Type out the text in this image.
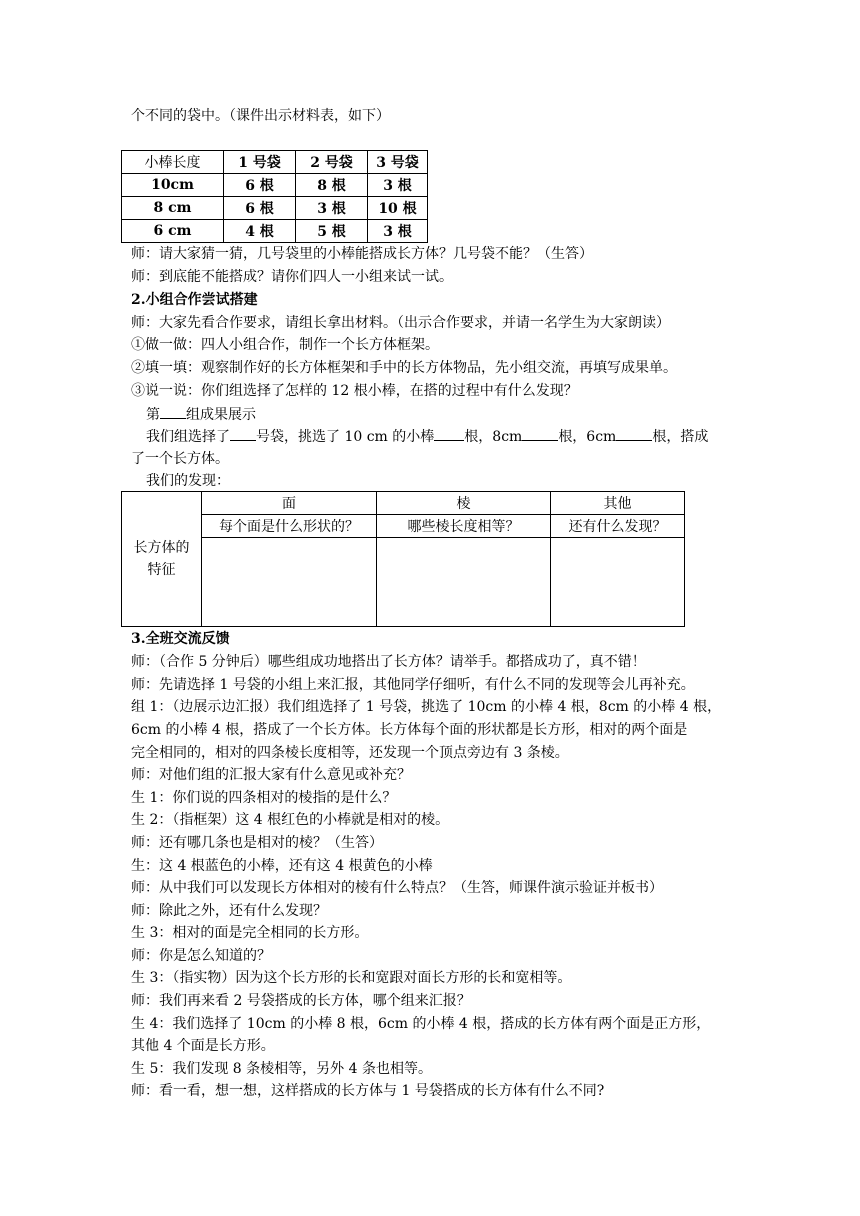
个不同的袋中。（课件出示材料表，如下）
小棒长度	1 号袋	2 号袋	3 号袋
10cm	6 根	8 根	3 根
8 cm	6 根	3 根	10 根
6 cm	4 根	5 根	3 根
师：请大家猜一猜，几号袋里的小棒能搭成长方体？几号袋不能？（生答）
师：到底能不能搭成？请你们四人一小组来试一试。
2.小组合作尝试搭建
师：大家先看合作要求，请组长拿出材料。（出示合作要求，并请一名学生为大家朗读）
①做一做：四人小组合作，制作一个长方体框架。
②填一填：观察制作好的长方体框架和手中的长方体物品，先小组交流，再填写成果单。
③说一说：你们组选择了怎样的 12 根小棒，在搭的过程中有什么发现？
第 组成果展示
我们组选择了 号袋，挑选了 10 cm 的小棒 根，8cm	根，6cm	根，搭成
了一个长方体。
我们的发现：
长方体的特征	面	棱	其他
	每个面是什么形状的？	哪些棱长度相等？	还有什么发现？

3.全班交流反馈
师：（合作 5 分钟后）哪些组成功地搭出了长方体？请举手。都搭成功了，真不错！
师：先请选择 1 号袋的小组上来汇报，其他同学仔细听，有什么不同的发现等会儿再补充。
组 1：（边展示边汇报）我们组选择了 1 号袋，挑选了 10cm 的小棒 4 根，8cm 的小棒 4 根，
6cm 的小棒 4 根，搭成了一个长方体。长方体每个面的形状都是长方形，相对的两个面是
完全相同的，相对的四条棱长度相等，还发现一个顶点旁边有 3 条棱。
师：对他们组的汇报大家有什么意见或补充？
生 1：你们说的四条相对的棱指的是什么？
生 2：（指框架）这 4 根红色的小棒就是相对的棱。
师：还有哪几条也是相对的棱？（生答）
生：这 4 根蓝色的小棒，还有这 4 根黄色的小棒
师：从中我们可以发现长方体相对的棱有什么特点？（生答，师课件演示验证并板书）
师：除此之外，还有什么发现？
生 3：相对的面是完全相同的长方形。
师：你是怎么知道的？
生 3：（指实物）因为这个长方形的长和宽跟对面长方形的长和宽相等。
师：我们再来看 2 号袋搭成的长方体，哪个组来汇报？
生 4：我们选择了 10cm 的小棒 8 根，6cm 的小棒 4 根，搭成的长方体有两个面是正方形，
其他 4 个面是长方形。
生 5：我们发现 8 条棱相等，另外 4 条也相等。
师：看一看，想一想，这样搭成的长方体与 1 号袋搭成的长方体有什么不同?
